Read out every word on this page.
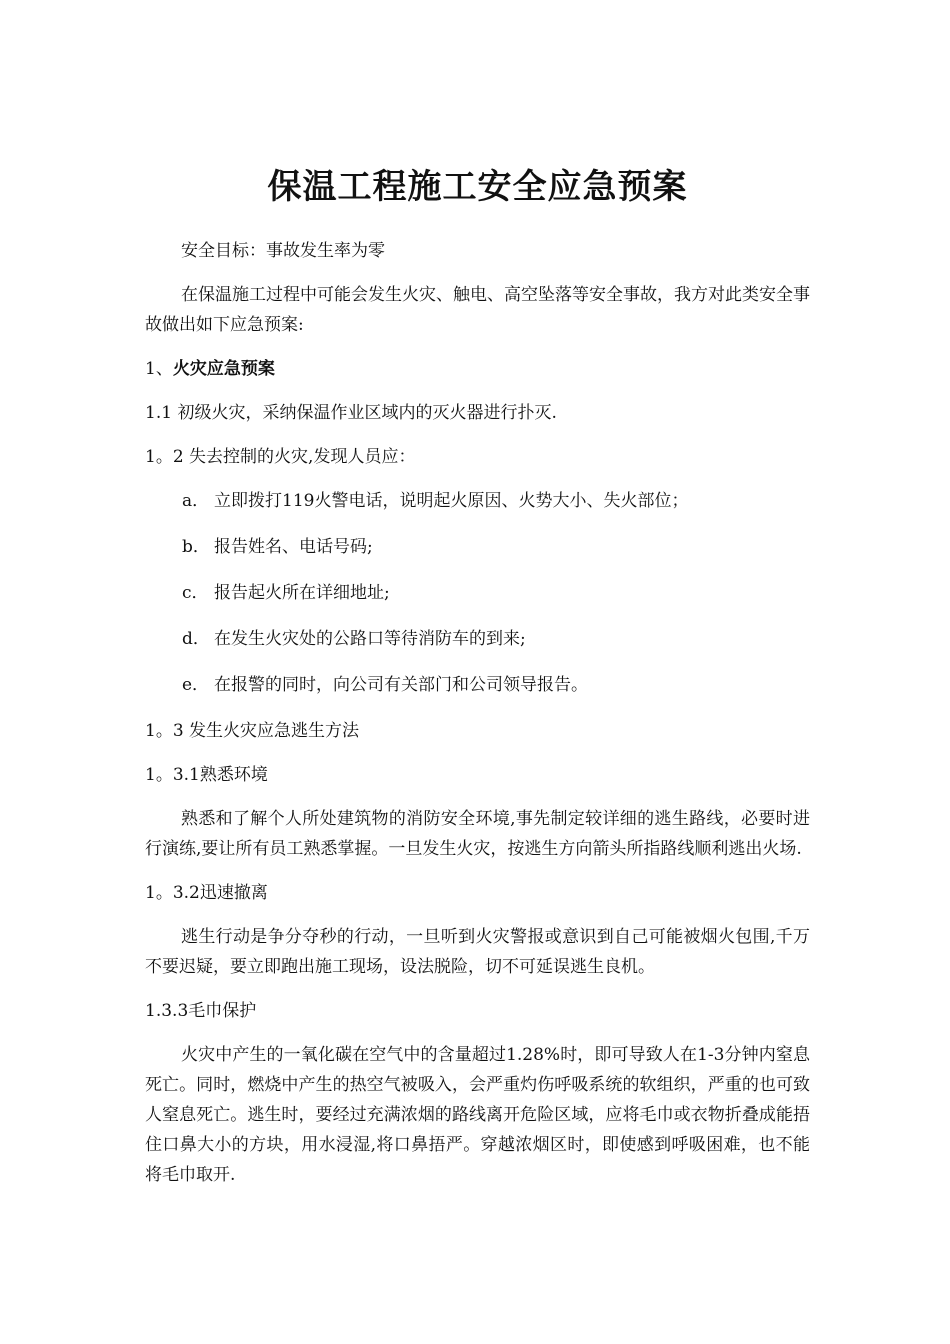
保温工程施工安全应急预案

安全目标：事故发生率为零

在保温施工过程中可能会发生火灾、触电、高空坠落等安全事故，我方对此类安全事故做出如下应急预案:

1、火灾应急预案

1.1 初级火灾，采纳保温作业区域内的灭火器进行扑灭.

1。2 失去控制的火灾,发现人员应：

a． 立即拨打119火警电话，说明起火原因、火势大小、失火部位；
b． 报告姓名、电话号码;
c． 报告起火所在详细地址;
d． 在发生火灾处的公路口等待消防车的到来;
e． 在报警的同时，向公司有关部门和公司领导报告。

1。3 发生火灾应急逃生方法

1。3.1熟悉环境

熟悉和了解个人所处建筑物的消防安全环境,事先制定较详细的逃生路线，必要时进行演练,要让所有员工熟悉掌握。一旦发生火灾，按逃生方向箭头所指路线顺利逃出火场.

1。3.2迅速撤离

逃生行动是争分夺秒的行动，一旦听到火灾警报或意识到自己可能被烟火包围,千万不要迟疑，要立即跑出施工现场，设法脱险，切不可延误逃生良机。

1.3.3毛巾保护

火灾中产生的一氧化碳在空气中的含量超过1.28%时，即可导致人在1-3分钟内窒息死亡。同时，燃烧中产生的热空气被吸入，会严重灼伤呼吸系统的软组织，严重的也可致人窒息死亡。逃生时，要经过充满浓烟的路线离开危险区域，应将毛巾或衣物折叠成能捂住口鼻大小的方块，用水浸湿,将口鼻捂严。穿越浓烟区时，即使感到呼吸困难，也不能将毛巾取开.
